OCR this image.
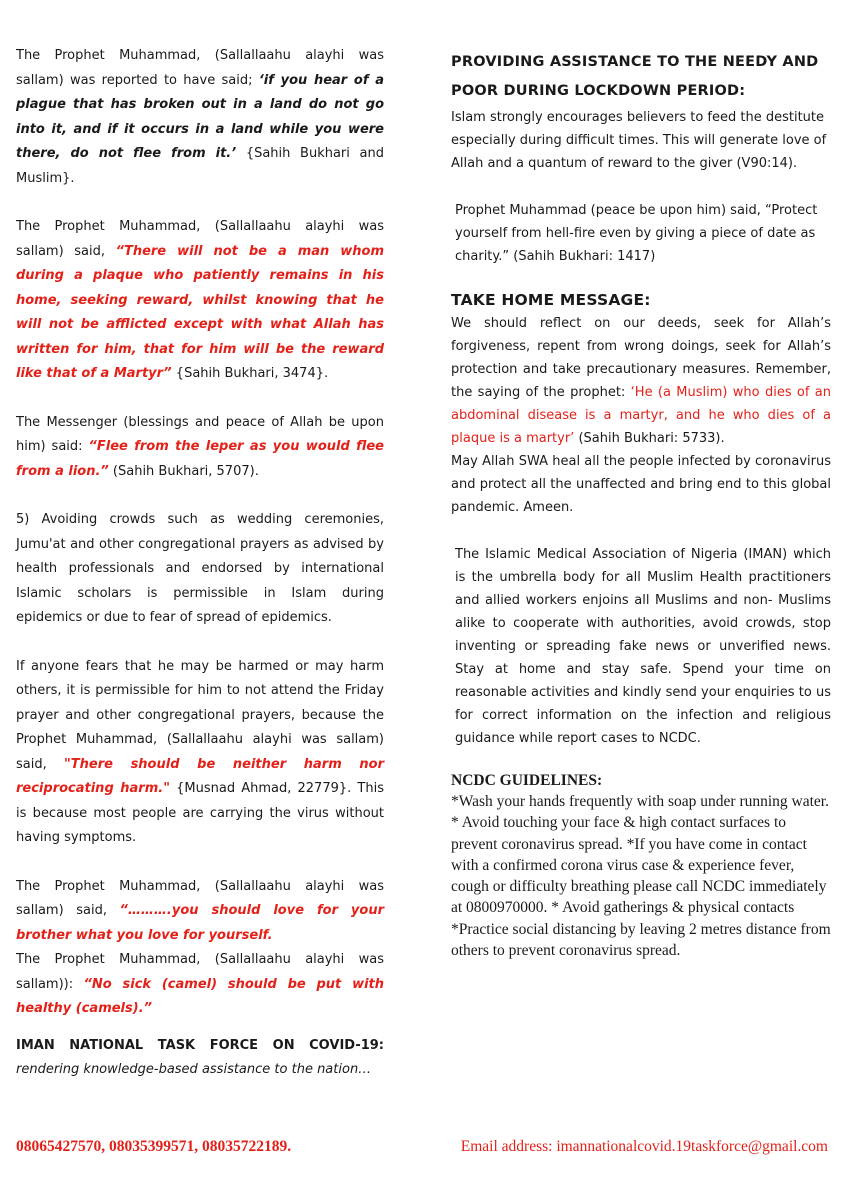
The Prophet Muhammad, (Sallallaahu alayhi was sallam) was reported to have said; ‘if you hear of a plague that has broken out in a land do not go into it, and if it occurs in a land while you were there, do not flee from it.’ {Sahih Bukhari and Muslim}.

The Prophet Muhammad, (Sallallaahu alayhi was sallam) said, “There will not be a man whom during a plaque who patiently remains in his home, seeking reward, whilst knowing that he will not be afflicted except with what Allah has written for him, that for him will be the reward like that of a Martyr” {Sahih Bukhari, 3474}.

The Messenger (blessings and peace of Allah be upon him) said: “Flee from the leper as you would flee from a lion.” (Sahih Bukhari, 5707).

5) Avoiding crowds such as wedding ceremonies, Jumu'at and other congregational prayers as advised by health professionals and endorsed by international Islamic scholars is permissible in Islam during epidemics or due to fear of spread of epidemics.

If anyone fears that he may be harmed or may harm others, it is permissible for him to not attend the Friday prayer and other congregational prayers, because the Prophet Muhammad, (Sallallaahu alayhi was sallam) said, "There should be neither harm nor reciprocating harm." {Musnad Ahmad, 22779}. This is because most people are carrying the virus without having symptoms.

The Prophet Muhammad, (Sallallaahu alayhi was sallam) said, “……….you should love for your brother what you love for yourself.

The Prophet Muhammad, (Sallallaahu alayhi was sallam)): “No sick (camel) should be put with healthy (camels).”

IMAN NATIONAL TASK FORCE ON COVID-19: rendering knowledge-based assistance to the nation…

PROVIDING ASSISTANCE TO THE NEEDY AND POOR DURING LOCKDOWN PERIOD:

Islam strongly encourages believers to feed the destitute especially during difficult times. This will generate love of Allah and a quantum of reward to the giver (V90:14).

Prophet Muhammad (peace be upon him) said, “Protect yourself from hell-fire even by giving a piece of date as charity.” (Sahih Bukhari: 1417)

TAKE HOME MESSAGE:

We should reflect on our deeds, seek for Allah’s forgiveness, repent from wrong doings, seek for Allah’s protection and take precautionary measures. Remember, the saying of the prophet: ‘He (a Muslim) who dies of an abdominal disease is a martyr, and he who dies of a plaque is a martyr’ (Sahih Bukhari: 5733).

May Allah SWA heal all the people infected by coronavirus and protect all the unaffected and bring end to this global pandemic. Ameen.

The Islamic Medical Association of Nigeria (IMAN) which is the umbrella body for all Muslim Health practitioners and allied workers enjoins all Muslims and non- Muslims alike to cooperate with authorities, avoid crowds, stop inventing or spreading fake news or unverified news. Stay at home and stay safe. Spend your time on reasonable activities and kindly send your enquiries to us for correct information on the infection and religious guidance while report cases to NCDC.

NCDC GUIDELINES:

*Wash your hands frequently with soap under running water. * Avoid touching your face & high contact surfaces to prevent coronavirus spread. *If you have come in contact with a confirmed corona virus case & experience fever, cough or difficulty breathing please call NCDC immediately at 0800970000. * Avoid gatherings & physical contacts *Practice social distancing by leaving 2 metres distance from others to prevent coronavirus spread.

08065427570, 08035399571, 08035722189.	Email address: imannationalcovid.19taskforce@gmail.com
